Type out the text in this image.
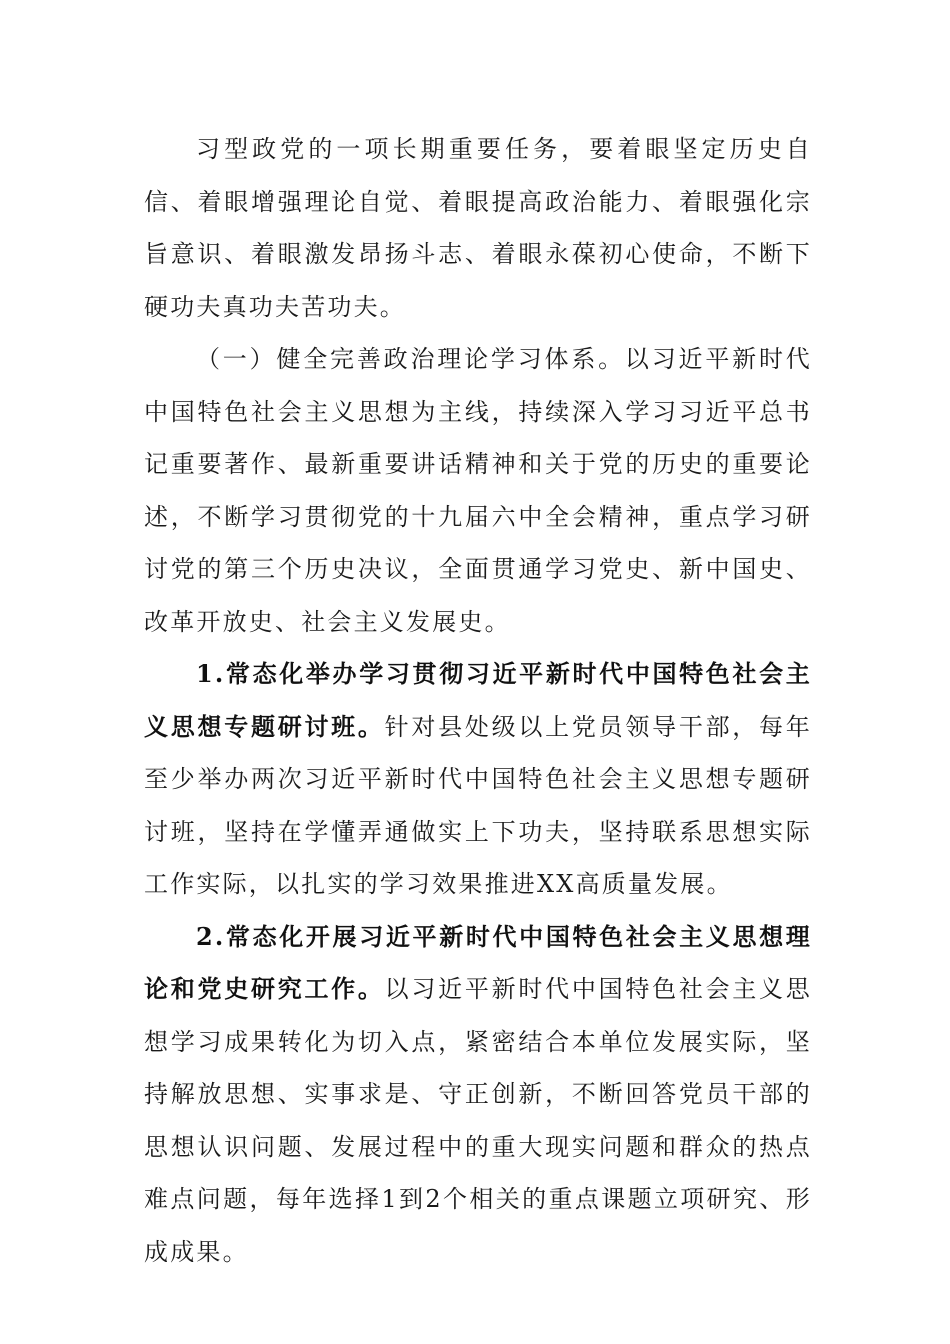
习型政党的一项长期重要任务，要着眼坚定历史自信、着眼增强理论自觉、着眼提高政治能力、着眼强化宗旨意识、着眼激发昂扬斗志、着眼永葆初心使命，不断下硬功夫真功夫苦功夫。

（一）健全完善政治理论学习体系。以习近平新时代中国特色社会主义思想为主线，持续深入学习习近平总书记重要著作、最新重要讲话精神和关于党的历史的重要论述，不断学习贯彻党的十九届六中全会精神，重点学习研讨党的第三个历史决议，全面贯通学习党史、新中国史、改革开放史、社会主义发展史。

1.常态化举办学习贯彻习近平新时代中国特色社会主义思想专题研讨班。针对县处级以上党员领导干部，每年至少举办两次习近平新时代中国特色社会主义思想专题研讨班，坚持在学懂弄通做实上下功夫，坚持联系思想实际工作实际，以扎实的学习效果推进XX高质量发展。

2.常态化开展习近平新时代中国特色社会主义思想理论和党史研究工作。以习近平新时代中国特色社会主义思想学习成果转化为切入点，紧密结合本单位发展实际，坚持解放思想、实事求是、守正创新，不断回答党员干部的思想认识问题、发展过程中的重大现实问题和群众的热点难点问题，每年选择1到2个相关的重点课题立项研究、形成成果。
